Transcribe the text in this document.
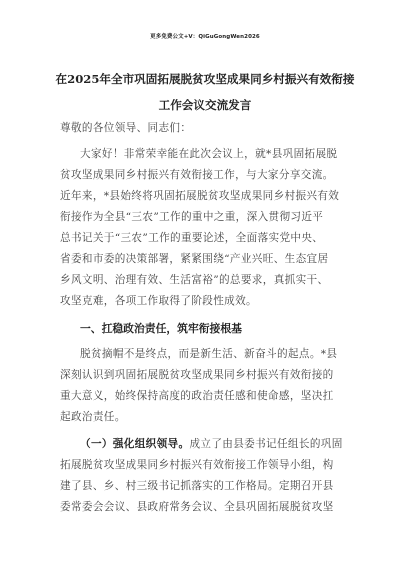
更多免费公文+V：QiGuGongWen2026
在2025年全市巩固拓展脱贫攻坚成果同乡村振兴有效衔接
工作会议交流发言
尊敬的各位领导、同志们：
大家好！非常荣幸能在此次会议上，就*县巩固拓展脱
贫攻坚成果同乡村振兴有效衔接工作，与大家分享交流。
近年来，*县始终将巩固拓展脱贫攻坚成果同乡村振兴有效
衔接作为全县“三农”工作的重中之重，深入贯彻习近平
总书记关于“三农”工作的重要论述，全面落实党中央、
省委和市委的决策部署，紧紧围绕“产业兴旺、生态宜居
乡风文明、治理有效、生活富裕”的总要求，真抓实干、
攻坚克难，各项工作取得了阶段性成效。
一、扛稳政治责任，筑牢衔接根基
脱贫摘帽不是终点，而是新生活、新奋斗的起点。*县
深刻认识到巩固拓展脱贫攻坚成果同乡村振兴有效衔接的
重大意义，始终保持高度的政治责任感和使命感，坚决扛
起政治责任。
（一）强化组织领导。成立了由县委书记任组长的巩固
拓展脱贫攻坚成果同乡村振兴有效衔接工作领导小组，构
建了县、乡、村三级书记抓落实的工作格局。定期召开县
委常委会会议、县政府常务会议、全县巩固拓展脱贫攻坚
